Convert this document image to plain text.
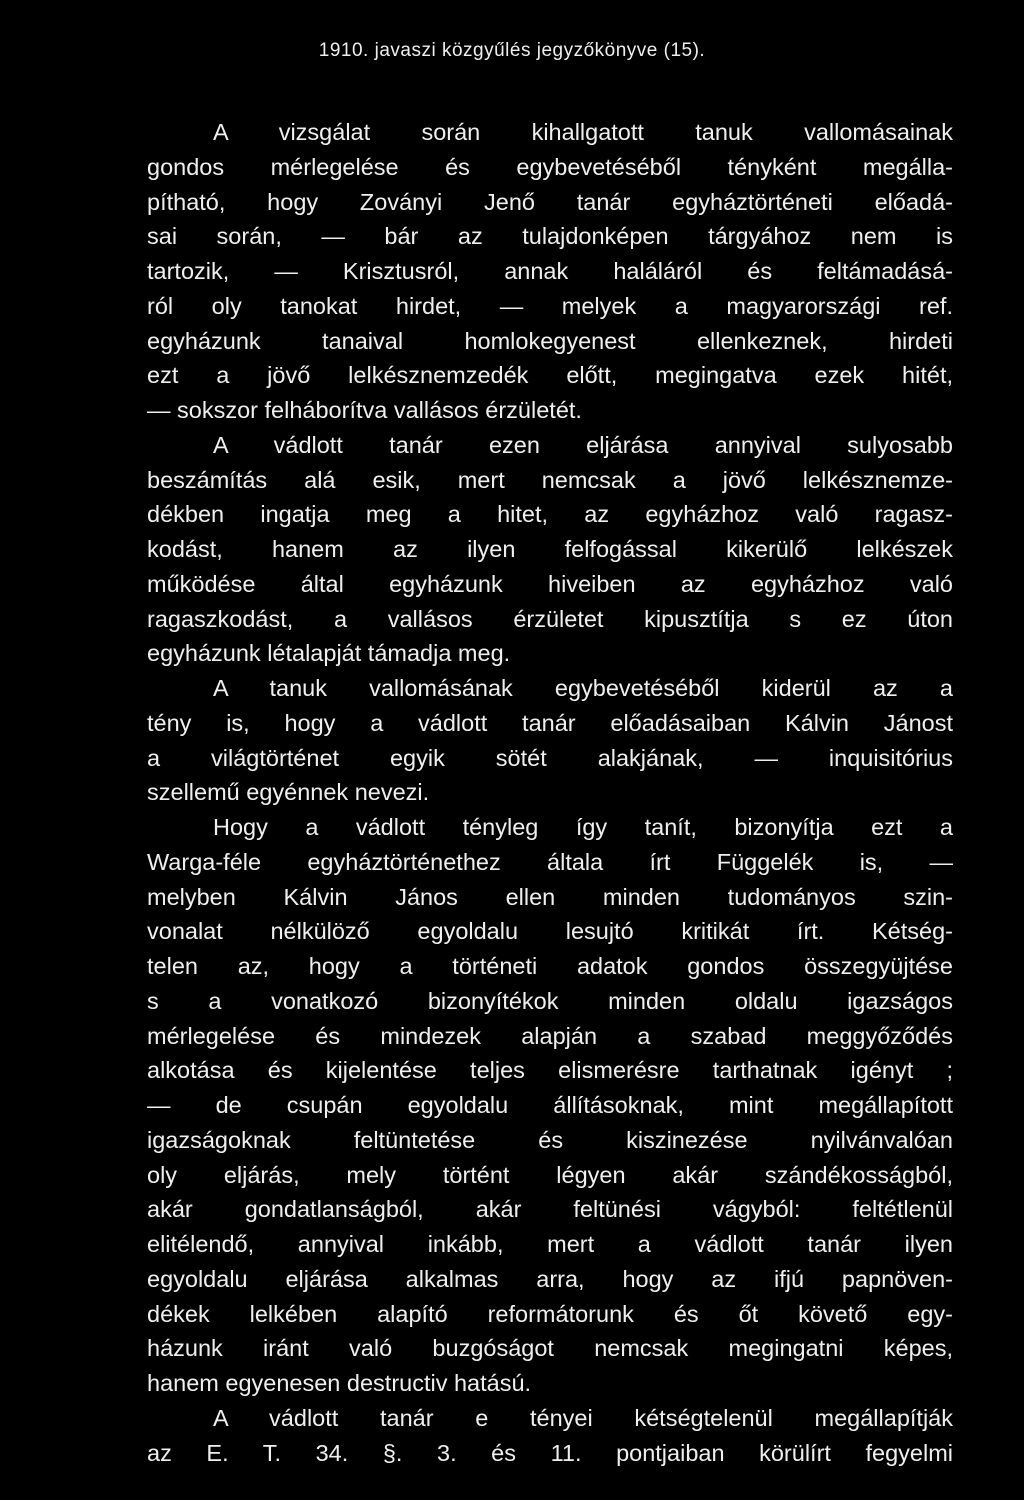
1910. javaszi közgyűlés jegyzőkönyve (15).
A vizsgálat során kihallgatott tanuk vallomásainak
gondos mérlegelése és egybevetéséből tényként megálla-
pítható, hogy Zoványi Jenő tanár egyháztörténeti előadá-
sai során, — bár az tulajdonképen tárgyához nem is
tartozik, — Krisztusról, annak haláláról és feltámadásá-
ról oly tanokat hirdet, — melyek a magyarországi ref.
egyházunk tanaival homlokegyenest ellenkeznek, hirdeti
ezt a jövő lelkésznemzedék előtt, megingatva ezek hitét,
— sokszor felháborítva vallásos érzületét.
A vádlott tanár ezen eljárása annyival sulyosabb
beszámítás alá esik, mert nemcsak a jövő lelkésznemze-
dékben ingatja meg a hitet, az egyházhoz való ragasz-
kodást, hanem az ilyen felfogással kikerülő lelkészek
működése által egyházunk hiveiben az egyházhoz való
ragaszkodást, a vallásos érzületet kipusztítja s ez úton
egyházunk létalapját támadja meg.
A tanuk vallomásának egybevetéséből kiderül az a
tény is, hogy a vádlott tanár előadásaiban Kálvin Jánost
a világtörténet egyik sötét alakjának, — inquisitórius
szellemű egyénnek nevezi.
Hogy a vádlott tényleg így tanít, bizonyítja ezt a
Warga-féle egyháztörténethez általa írt Függelék is, —
melyben Kálvin János ellen minden tudományos szin-
vonalat nélkülöző egyoldalu lesujtó kritikát írt. Kétség-
telen az, hogy a történeti adatok gondos összegyüjtése
s a vonatkozó bizonyítékok minden oldalu igazságos
mérlegelése és mindezek alapján a szabad meggyőződés
alkotása és kijelentése teljes elismerésre tarthatnak igényt ;
— de csupán egyoldalu állításoknak, mint megállapított
igazságoknak feltüntetése és kiszinezése nyilvánvalóan
oly eljárás, mely történt légyen akár szándékosságból,
akár gondatlanságból, akár feltünési vágyból: feltétlenül
elitélendő, annyival inkább, mert a vádlott tanár ilyen
egyoldalu eljárása alkalmas arra, hogy az ifjú papnöven-
dékek lelkében alapító reformátorunk és őt követő egy-
házunk iránt való buzgóságot nemcsak megingatni képes,
hanem egyenesen destructiv hatású.
A vádlott tanár e tényei kétségtelenül megállapítják
az E. T. 34. §. 3. és 11. pontjaiban körülírt fegyelmi
